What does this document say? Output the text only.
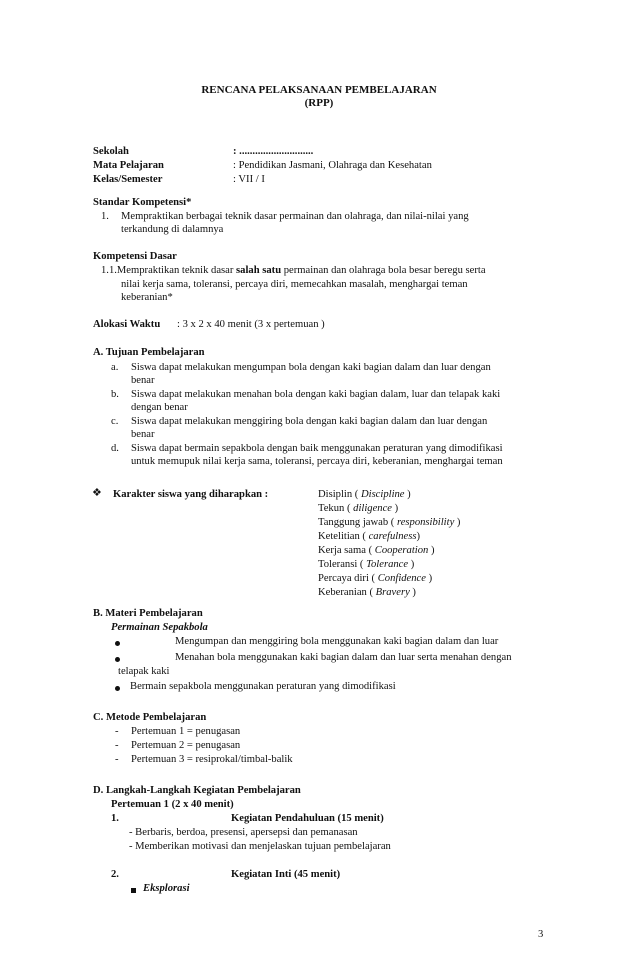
RENCANA PELAKSANAAN PEMBELAJARAN
(RPP)
Sekolah	: ............................
Mata Pelajaran	: Pendidikan Jasmani, Olahraga dan Kesehatan
Kelas/Semester	: VII / I
Standar Kompetensi*
1. Mempraktikan berbagai teknik dasar permainan dan olahraga, dan nilai-nilai yang
terkandung di dalamnya
Kompetensi Dasar
1.1.Mempraktikan teknik dasar salah satu permainan dan olahraga bola besar beregu serta
nilai kerja sama, toleransi, percaya diri, memecahkan masalah, menghargai teman
keberanian*
Alokasi Waktu : 3 x 2 x 40 menit (3 x pertemuan )
A. Tujuan Pembelajaran
a. Siswa dapat melakukan mengumpan bola dengan kaki bagian dalam dan luar dengan
benar
b. Siswa dapat melakukan menahan bola dengan kaki bagian dalam, luar dan telapak kaki
dengan benar
c. Siswa dapat melakukan menggiring bola dengan kaki bagian dalam dan luar dengan
benar
d. Siswa dapat bermain sepakbola dengan baik menggunakan peraturan yang dimodifikasi
untuk memupuk nilai kerja sama, toleransi, percaya diri, keberanian, menghargai teman
❖ Karakter siswa yang diharapkan :	Disiplin ( Discipline )
Tekun ( diligence )
Tanggung jawab ( responsibility )
Ketelitian ( carefulness)
Kerja sama ( Cooperation )
Toleransi ( Tolerance )
Percaya diri ( Confidence )
Keberanian ( Bravery )
B. Materi Pembelajaran
Permainan Sepakbola
Mengumpan dan menggiring bola menggunakan kaki bagian dalam dan luar
Menahan bola menggunakan kaki bagian dalam dan luar serta menahan dengan
telapak kaki
Bermain sepakbola menggunakan peraturan yang dimodifikasi
C. Metode Pembelajaran
- Pertemuan 1 = penugasan
- Pertemuan 2 = penugasan
- Pertemuan 3 = resiprokal/timbal-balik
D. Langkah-Langkah Kegiatan Pembelajaran
Pertemuan 1 (2 x 40 menit)
1.	Kegiatan Pendahuluan (15 menit)
- Berbaris, berdoa, presensi, apersepsi dan pemanasan
- Memberikan motivasi dan menjelaskan tujuan pembelajaran
2.	Kegiatan Inti (45 menit)
Eksplorasi
3
